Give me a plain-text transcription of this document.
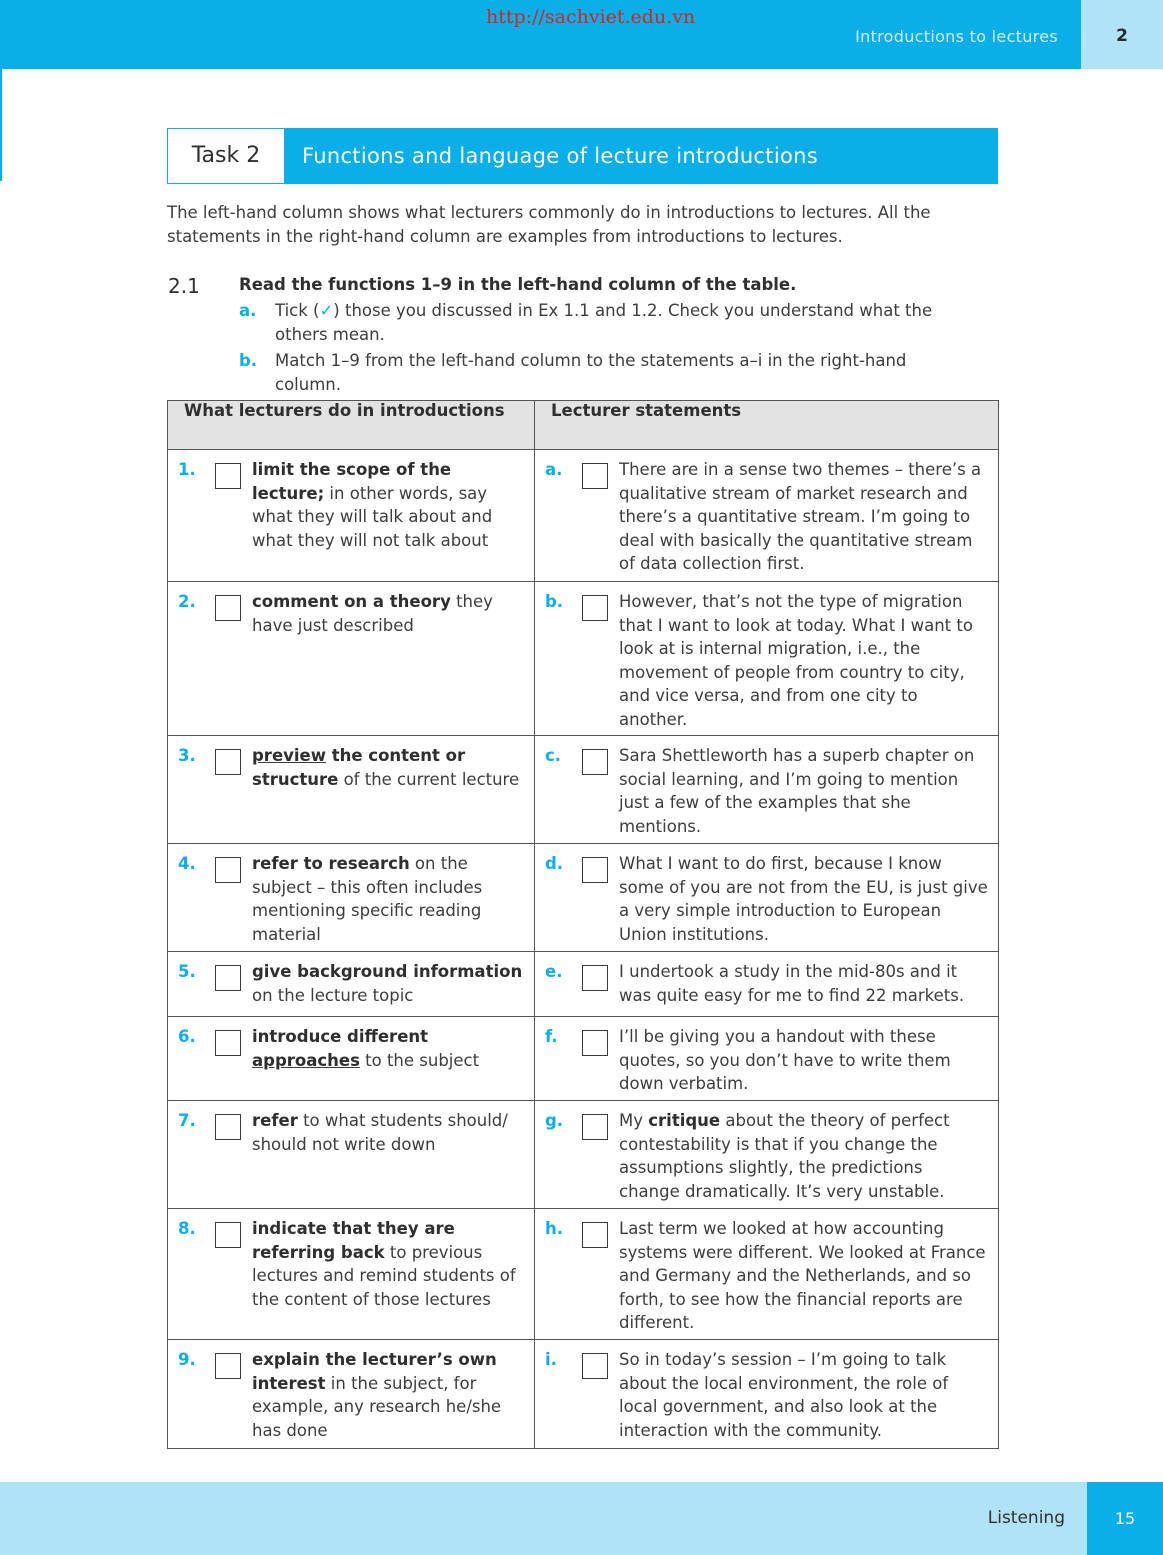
http://sachviet.edu.vn
Introductions to lectures	2
Task 2	Functions and language of lecture introductions

The left-hand column shows what lecturers commonly do in introductions to lectures. All the statements in the right-hand column are examples from introductions to lectures.

2.1 Read the functions 1–9 in the left-hand column of the table.
a. Tick (✓) those you discussed in Ex 1.1 and 1.2. Check you understand what the others mean.
b. Match 1–9 from the left-hand column to the statements a–i in the right-hand column.
What lecturers do in introductions	Lecturer statements

1. limit the scope of the lecture; in other words, say what they will talk about and what they will not talk about	a. There are in a sense two themes – there’s a qualitative stream of market research and there’s a quantitative stream. I’m going to deal with basically the quantitative stream of data collection first.

2. comment on a theory they have just described	b. However, that’s not the type of migration that I want to look at today. What I want to look at is internal migration, i.e., the movement of people from country to city, and vice versa, and from one city to another.

3. preview the content or structure of the current lecture	c. Sara Shettleworth has a superb chapter on social learning, and I’m going to mention just a few of the examples that she mentions.

4. refer to research on the subject – this often includes mentioning specific reading material	d. What I want to do first, because I know some of you are not from the EU, is just give a very simple introduction to European Union institutions.

5. give background information on the lecture topic	e. I undertook a study in the mid-80s and it was quite easy for me to find 22 markets.

6. introduce different approaches to the subject	f. I’ll be giving you a handout with these quotes, so you don’t have to write them down verbatim.

7. refer to what students should/ should not write down	g. My critique about the theory of perfect contestability is that if you change the assumptions slightly, the predictions change dramatically. It’s very unstable.

8. indicate that they are referring back to previous lectures and remind students of the content of those lectures	h. Last term we looked at how accounting systems were different. We looked at France and Germany and the Netherlands, and so forth, to see how the financial reports are different.

9. explain the lecturer’s own interest in the subject, for example, any research he/she has done	i. So in today’s session – I’m going to talk about the local environment, the role of local government, and also look at the interaction with the community.
Listening	15
